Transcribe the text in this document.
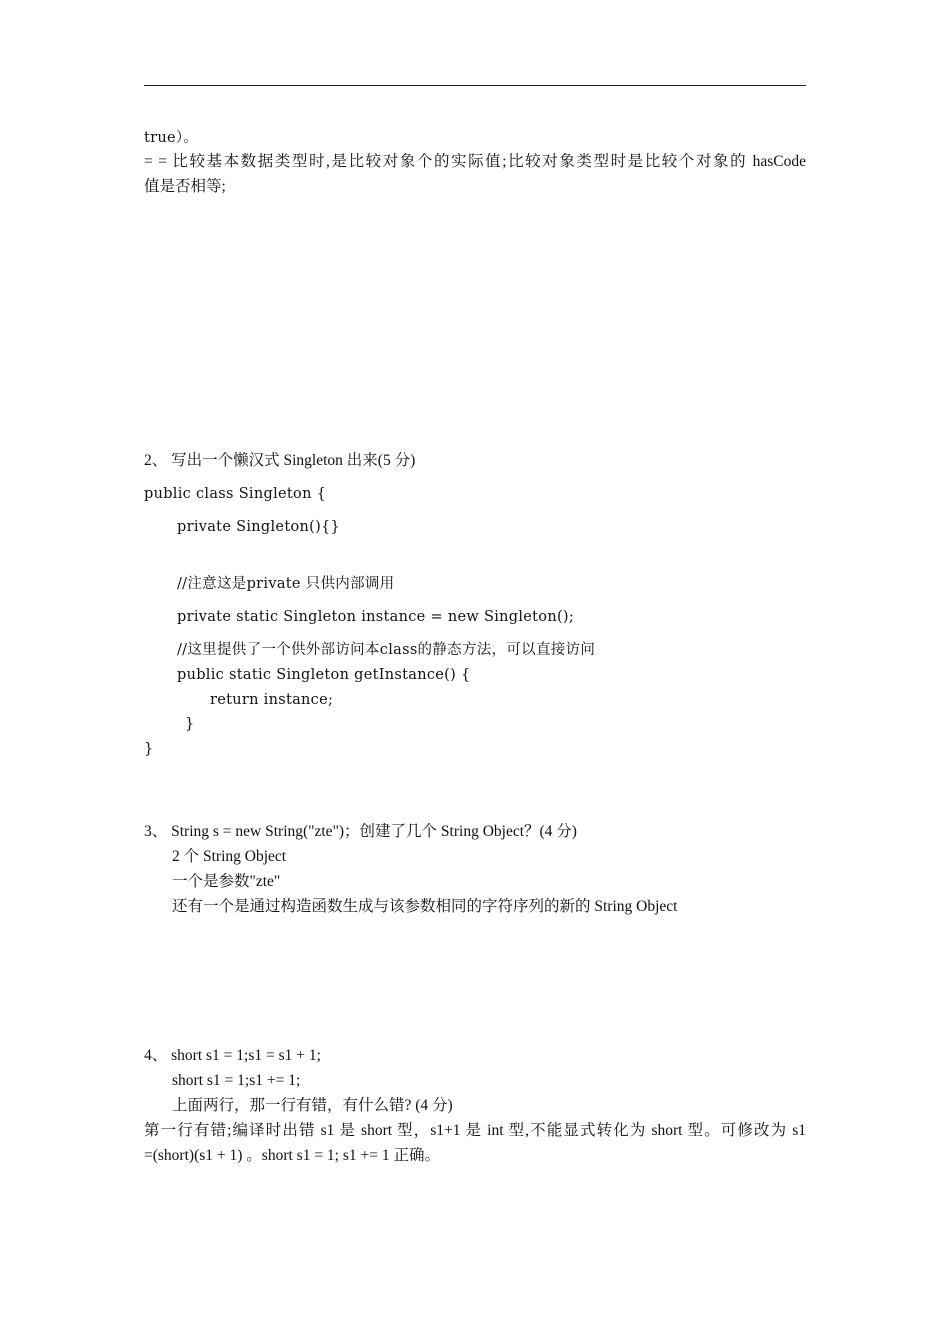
true）。
= = 比较基本数据类型时,是比较对象个的实际值;比较对象类型时是比较个对象的 hasCode
值是否相等;
2、 写出一个懒汉式 Singleton 出来(5 分)
public class Singleton {
private Singleton(){}
//注意这是private 只供内部调用
private static Singleton instance = new Singleton();
//这里提供了一个供外部访问本class的静态方法，可以直接访问
public static Singleton getInstance() {
return instance;
}
}
3、 String s = new String("zte")；创建了几个 String Object？(4 分)
2 个 String Object
一个是参数"zte"
还有一个是通过构造函数生成与该参数相同的字符序列的新的 String Object
4、 short s1 = 1;s1 = s1 + 1;
short s1 = 1;s1 += 1;
上面两行，那一行有错，有什么错? (4 分)
第一行有错;编译时出错 s1 是 short 型，s1+1 是 int 型,不能显式转化为 short 型。可修改为 s1
=(short)(s1 + 1) 。short s1 = 1; s1 += 1 正确。
